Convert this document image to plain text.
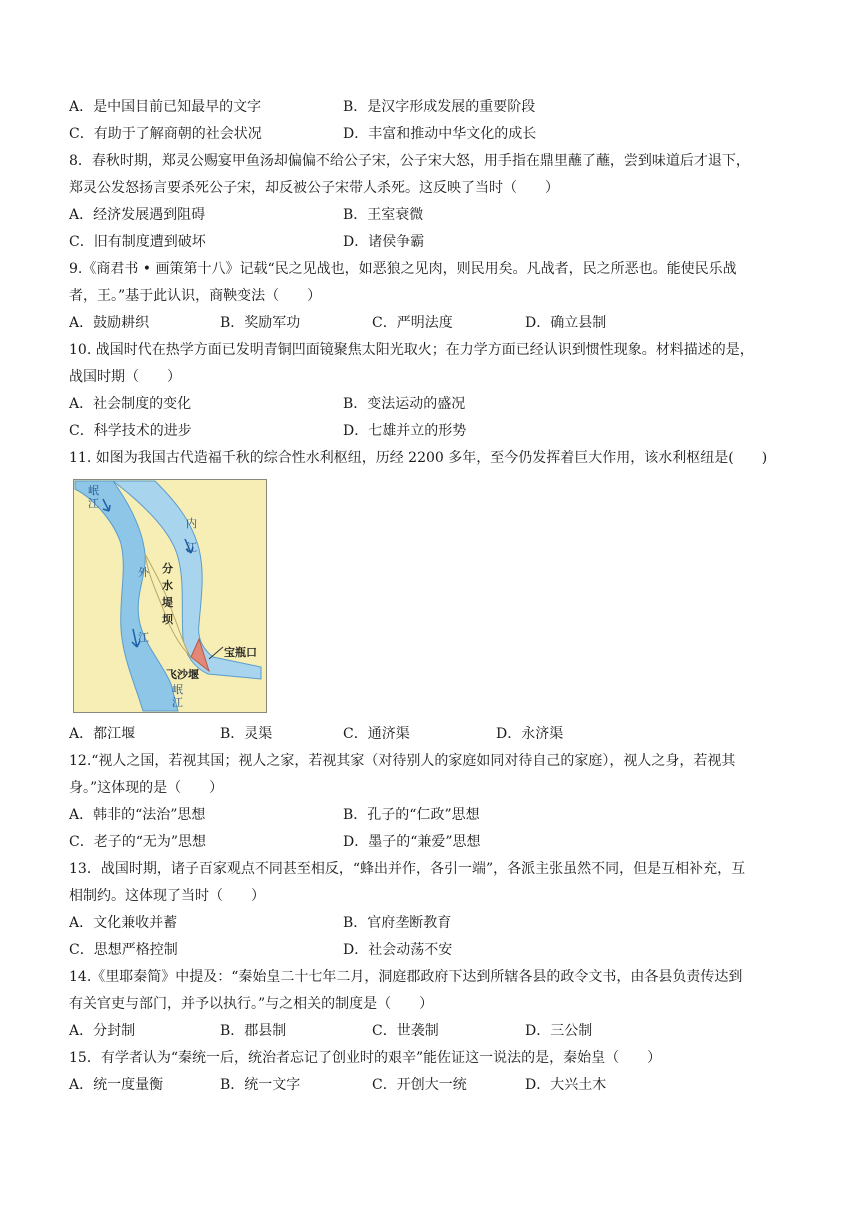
A．是中国目前已知最早的文字	B．是汉字形成发展的重要阶段
C．有助于了解商朝的社会状况	D．丰富和推动中华文化的成长
8．春秋时期，郑灵公赐宴甲鱼汤却偏偏不给公子宋，公子宋大怒，用手指在鼎里蘸了蘸，尝到味道后才退下，
郑灵公发怒扬言要杀死公子宋，却反被公子宋带人杀死。这反映了当时（　　）
A．经济发展遇到阻碍	B．王室衰微
C．旧有制度遭到破坏	D．诸侯争霸
9.《商君书 • 画策第十八》记载“民之见战也，如恶狼之见肉，则民用矣。凡战者，民之所恶也。能使民乐战
者，王。”基于此认识，商鞅变法（　　）
A．鼓励耕织	B．奖励军功	C．严明法度	D．确立县制
10. 战国时代在热学方面已发明青铜凹面镜聚焦太阳光取火；在力学方面已经认识到惯性现象。材料描述的是，
战国时期（　　）
A．社会制度的变化	B．变法运动的盛况
C．科学技术的进步	D．七雄并立的形势
11. 如图为我国古代造福千秋的综合性水利枢纽，历经 2200 多年，至今仍发挥着巨大作用，该水利枢纽是(　　)
岷
江
内

江
分
水
堤
坝
外

江
宝瓶口
飞沙堰
岷
江
A．都江堰	B．灵渠	C．通济渠	D．永济渠
12.“视人之国，若视其国；视人之家，若视其家（对待别人的家庭如同对待自己的家庭），视人之身，若视其
身。”这体现的是（　　）
A．韩非的“法治”思想	B．孔子的“仁政”思想
C．老子的“无为”思想	D．墨子的“兼爱”思想
13．战国时期，诸子百家观点不同甚至相反，“蜂出并作，各引一端”，各派主张虽然不同，但是互相补充，互
相制约。这体现了当时（　　）
A．文化兼收并蓄	B．官府垄断教育
C．思想严格控制	D．社会动荡不安
14.《里耶秦简》中提及：“秦始皇二十七年二月，洞庭郡政府下达到所辖各县的政令文书，由各县负责传达到
有关官吏与部门，并予以执行。”与之相关的制度是（　　）
A．分封制	B．郡县制	C．世袭制	D．三公制
15．有学者认为“秦统一后，统治者忘记了创业时的艰辛”能佐证这一说法的是，秦始皇（　　）
A．统一度量衡	B．统一文字	C．开创大一统	D．大兴土木
